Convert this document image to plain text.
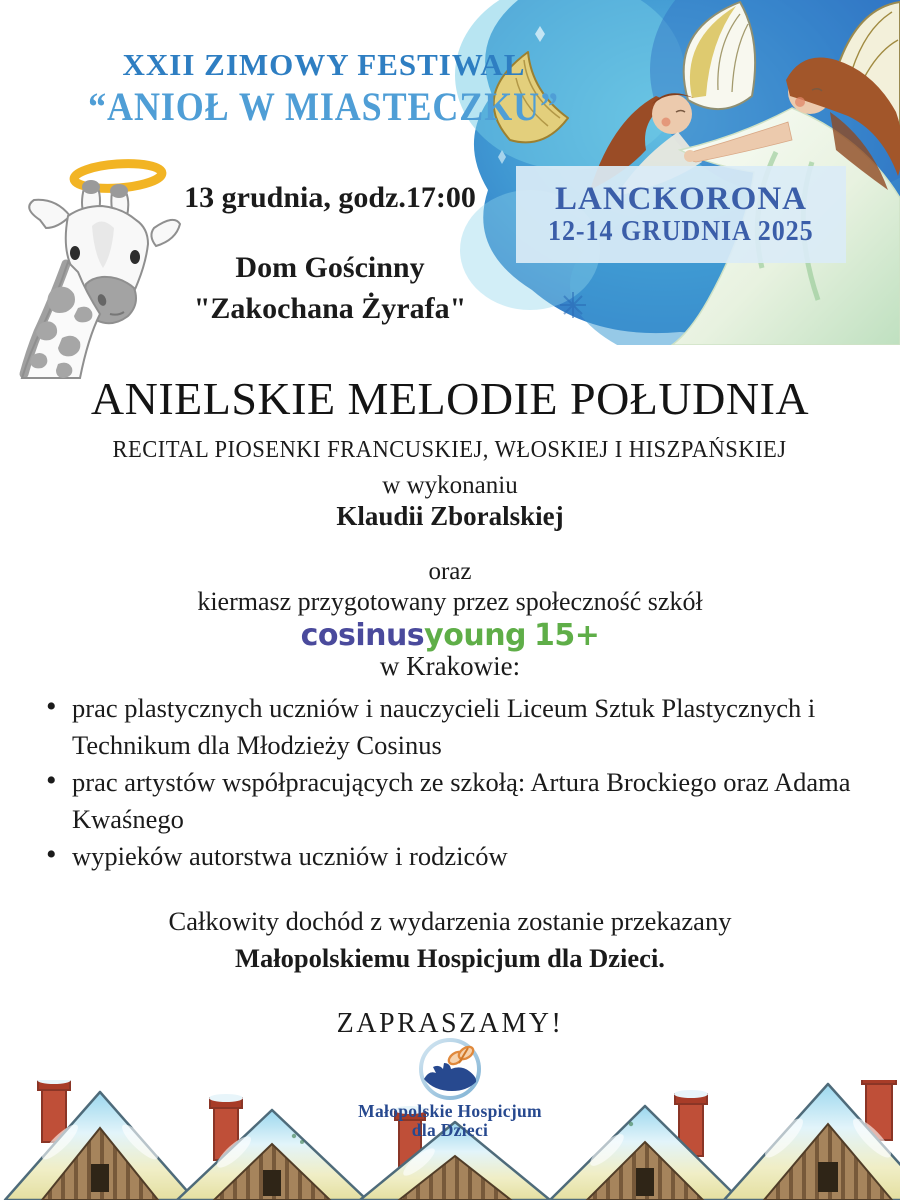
XXII ZIMOWY FESTIWAL
“ANIOŁ W MIASTECZKU”
13 grudnia, godz.17:00
Dom Gościnny
"Zakochana Żyrafa"
LANCKORONA
12-14 GRUDNIA 2025
ANIELSKIE MELODIE POŁUDNIA
RECITAL PIOSENKI FRANCUSKIEJ, WŁOSKIEJ I HISZPAŃSKIEJ
w wykonaniu
Klaudii Zboralskiej
oraz
kiermasz przygotowany przez społeczność szkół
cosinusyoung 15+
w Krakowie:
• prac plastycznych uczniów i nauczycieli Liceum Sztuk Plastycznych i Technikum dla Młodzieży Cosinus
• prac artystów współpracujących ze szkołą: Artura Brockiego oraz Adama Kwaśnego
• wypieków autorstwa uczniów i rodziców
Całkowity dochód z wydarzenia zostanie przekazany
Małopolskiemu Hospicjum dla Dzieci.
ZAPRASZAMY!
Małopolskie Hospicjum
dla Dzieci
